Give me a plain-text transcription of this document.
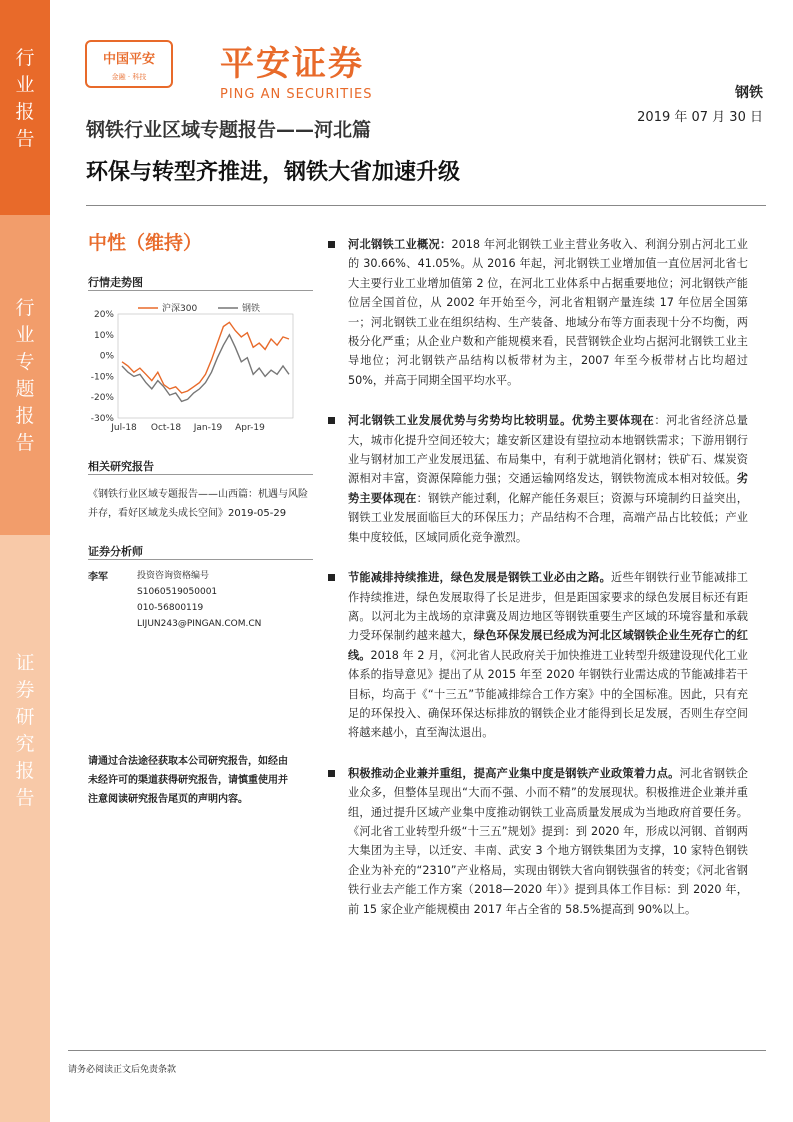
行
业
报
告
行
业
专
题
报
告
证
券
研
究
报
告
中国平安
金融 · 科技	平安证券
PING AN SECURITIES	钢铁
2019 年 07 月 30 日
钢铁行业区域专题报告——河北篇
环保与转型齐推进，钢铁大省加速升级
中性（维持）
行情走势图
20%
10%
0%
-10%
-20%
-30%
Jul-18 Oct-18 Jan-19 Apr-19
沪深300	钢铁
相关研究报告
《钢铁行业区域专题报告——山西篇：机遇与风险并存，看好区域龙头成长空间》2019-05-29
证券分析师
李军	投资咨询资格编号
S1060519050001
010-56800119
LIJUN243@PINGAN.COM.CN
请通过合法途径获取本公司研究报告，如经由未经许可的渠道获得研究报告，请慎重使用并注意阅读研究报告尾页的声明内容。
河北钢铁工业概况：2018 年河北钢铁工业主营业务收入、利润分别占河北工业的 30.66%、41.05%。从 2016 年起，河北钢铁工业增加值一直位居河北省七大主要行业工业增加值第 2 位，在河北工业体系中占据重要地位；河北钢铁产能位居全国首位，从 2002 年开始至今，河北省粗钢产量连续 17 年位居全国第一；河北钢铁工业在组织结构、生产装备、地域分布等方面表现十分不均衡，两极分化严重；从企业户数和产能规模来看，民营钢铁企业均占据河北钢铁工业主导地位；河北钢铁产品结构以板带材为主，2007 年至今板带材占比均超过 50%，并高于同期全国平均水平。
河北钢铁工业发展优势与劣势均比较明显。优势主要体现在：河北省经济总量大，城市化提升空间还较大；雄安新区建设有望拉动本地钢铁需求；下游用钢行业与钢材加工产业发展迅猛、布局集中，有利于就地消化钢材；铁矿石、煤炭资源相对丰富，资源保障能力强；交通运输网络发达，钢铁物流成本相对较低。劣势主要体现在：钢铁产能过剩，化解产能任务艰巨；资源与环境制约日益突出，钢铁工业发展面临巨大的环保压力；产品结构不合理，高端产品占比较低；产业集中度较低，区域同质化竞争激烈。
节能减排持续推进，绿色发展是钢铁工业必由之路。近些年钢铁行业节能减排工作持续推进，绿色发展取得了长足进步，但是距国家要求的绿色发展目标还有距离。以河北为主战场的京津冀及周边地区等钢铁重要生产区域的环境容量和承载力受环保制约越来越大，绿色环保发展已经成为河北区域钢铁企业生死存亡的红线。2018 年 2 月，《河北省人民政府关于加快推进工业转型升级建设现代化工业体系的指导意见》提出了从 2015 年至 2020 年钢铁行业需达成的节能减排若干目标，均高于《“十三五”节能减排综合工作方案》中的全国标准。因此，只有充足的环保投入、确保环保达标排放的钢铁企业才能得到长足发展，否则生存空间将越来越小，直至淘汰退出。
积极推动企业兼并重组，提高产业集中度是钢铁产业政策着力点。河北省钢铁企业众多，但整体呈现出“大而不强、小而不精”的发展现状。积极推进企业兼并重组，通过提升区域产业集中度推动钢铁工业高质量发展成为当地政府首要任务。《河北省工业转型升级“十三五”规划》提到：到 2020 年，形成以河钢、首钢两大集团为主导，以迁安、丰南、武安 3 个地方钢铁集团为支撑，10 家特色钢铁企业为补充的“2310”产业格局，实现由钢铁大省向钢铁强省的转变；《河北省钢铁行业去产能工作方案（2018—2020 年）》提到具体工作目标：到 2020 年，前 15 家企业产能规模由 2017 年占全省的 58.5%提高到 90%以上。
请务必阅读正文后免责条款
